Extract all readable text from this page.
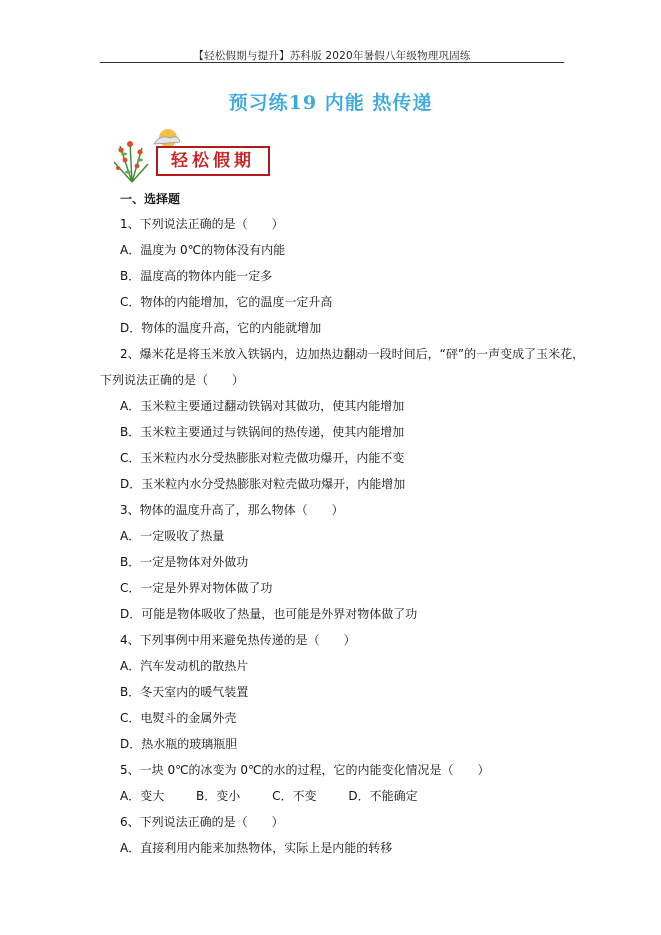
【轻松假期与提升】苏科版 2020年暑假八年级物理巩固练
预习练19 内能 热传递
轻松假期
一、选择题
1、下列说法正确的是（　　）
A．温度为 0℃的物体没有内能
B．温度高的物体内能一定多
C．物体的内能增加，它的温度一定升高
D．物体的温度升高，它的内能就增加
2、爆米花是将玉米放入铁锅内，边加热边翻动一段时间后，“砰”的一声变成了玉米花，
下列说法正确的是（　　）
A．玉米粒主要通过翻动铁锅对其做功，使其内能增加
B．玉米粒主要通过与铁锅间的热传递，使其内能增加
C．玉米粒内水分受热膨胀对粒壳做功爆开，内能不变
D．玉米粒内水分受热膨胀对粒壳做功爆开，内能增加
3、物体的温度升高了，那么物体（　　）
A．一定吸收了热量
B．一定是物体对外做功
C．一定是外界对物体做了功
D．可能是物体吸收了热量，也可能是外界对物体做了功
4、下列事例中用来避免热传递的是（　　）
A．汽车发动机的散热片
B．冬天室内的暖气装置
C．电熨斗的金属外壳
D．热水瓶的玻璃瓶胆
5、一块 0℃的冰变为 0℃的水的过程，它的内能变化情况是（　　）
A．变大	B．变小	C．不变	D．不能确定
6、下列说法正确的是（　　）
A．直接利用内能来加热物体，实际上是内能的转移
